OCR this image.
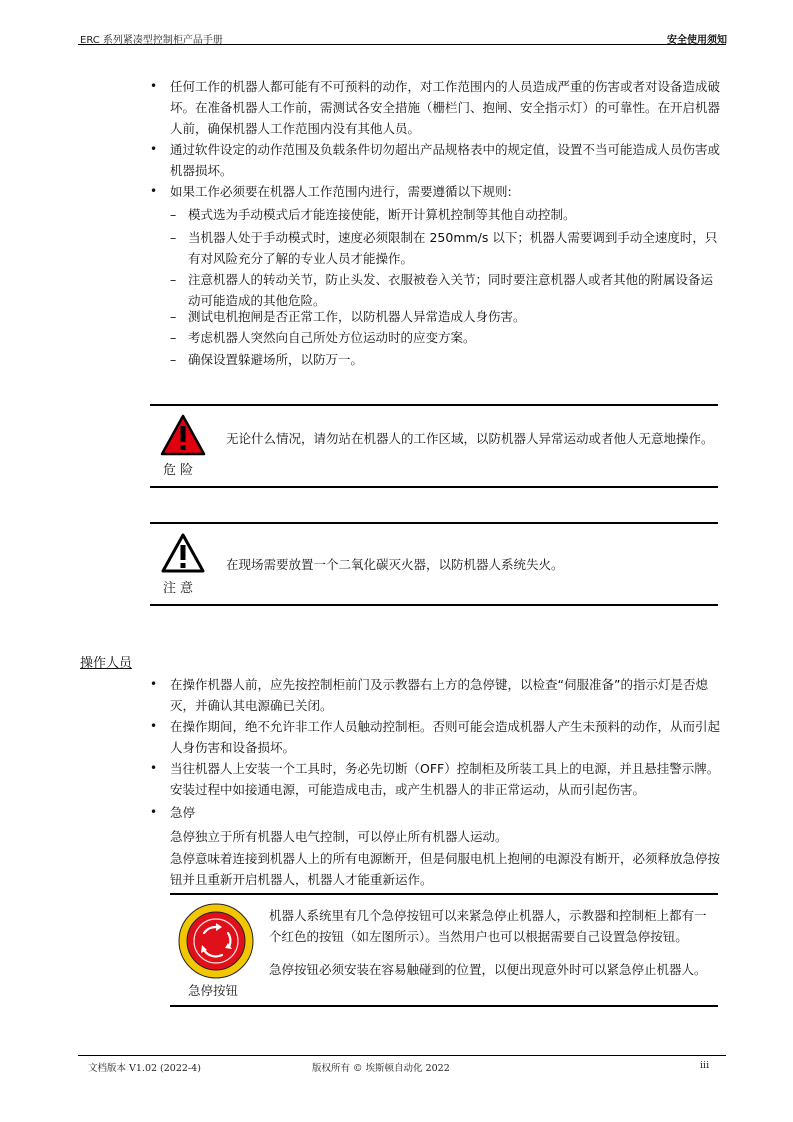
ERC 系列紧凑型控制柜产品手册	安全使用须知
• 任何工作的机器人都可能有不可预料的动作，对工作范围内的人员造成严重的伤害或者对设备造成破坏。在准备机器人工作前，需测试各安全措施（栅栏门、抱闸、安全指示灯）的可靠性。在开启机器人前，确保机器人工作范围内没有其他人员。
• 通过软件设定的动作范围及负载条件切勿超出产品规格表中的规定值，设置不当可能造成人员伤害或机器损坏。
• 如果工作必须要在机器人工作范围内进行，需要遵循以下规则:
– 模式选为手动模式后才能连接使能，断开计算机控制等其他自动控制。
– 当机器人处于手动模式时，速度必须限制在 250mm/s 以下；机器人需要调到手动全速度时，只有对风险充分了解的专业人员才能操作。
– 注意机器人的转动关节，防止头发、衣服被卷入关节；同时要注意机器人或者其他的附属设备运动可能造成的其他危险。
– 测试电机抱闸是否正常工作，以防机器人异常造成人身伤害。
– 考虑机器人突然向自己所处方位运动时的应变方案。
– 确保设置躲避场所，以防万一。
危险
无论什么情况，请勿站在机器人的工作区域，以防机器人异常运动或者他人无意地操作。
注意
在现场需要放置一个二氧化碳灭火器，以防机器人系统失火。
操作人员
• 在操作机器人前，应先按控制柜前门及示教器右上方的急停键，以检查“伺服准备”的指示灯是否熄灭，并确认其电源确已关闭。
• 在操作期间，绝不允许非工作人员触动控制柜。否则可能会造成机器人产生未预料的动作，从而引起人身伤害和设备损坏。
• 当往机器人上安装一个工具时，务必先切断（OFF）控制柜及所装工具上的电源，并且悬挂警示牌。安装过程中如接通电源，可能造成电击，或产生机器人的非正常运动，从而引起伤害。
• 急停
急停独立于所有机器人电气控制，可以停止所有机器人运动。
急停意味着连接到机器人上的所有电源断开，但是伺服电机上抱闸的电源没有断开，必须释放急停按钮并且重新开启机器人，机器人才能重新运作。
急停按钮
机器人系统里有几个急停按钮可以来紧急停止机器人，示教器和控制柜上都有一个红色的按钮（如左图所示）。当然用户也可以根据需要自己设置急停按钮。
急停按钮必须安装在容易触碰到的位置，以便出现意外时可以紧急停止机器人。
文档版本 V1.02 (2022-4)	版权所有 © 埃斯顿自动化 2022	iii
